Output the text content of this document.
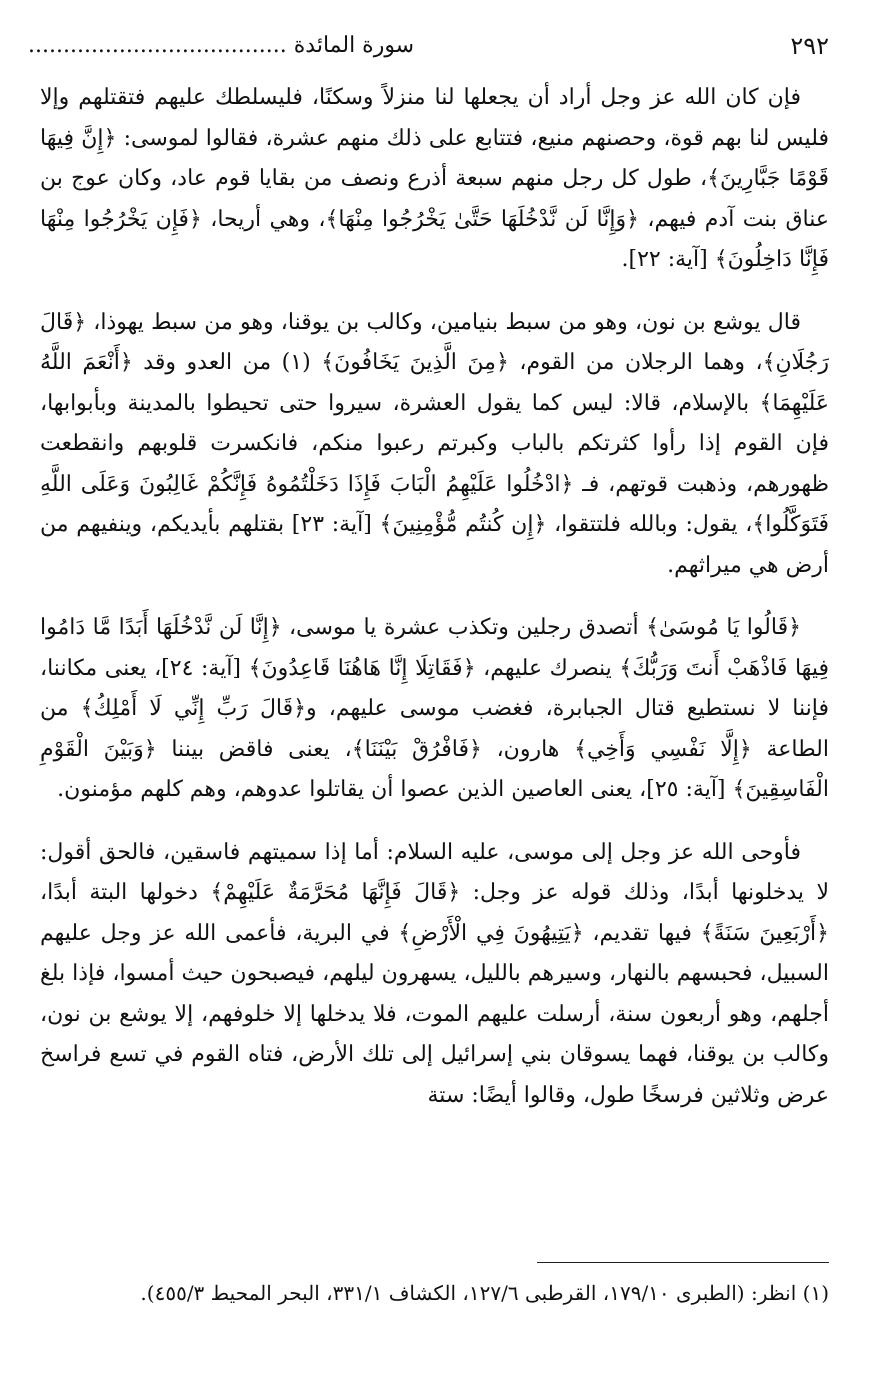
٢٩٢
سورة المائدة .....................................

فإن كان الله عز وجل أراد أن يجعلها لنا منزلاً وسكنًا، فليسلطك عليهم فتقتلهم وإلا فليس لنا بهم قوة، وحصنهم منيع، فتتابع على ذلك منهم عشرة، فقالوا لموسى: ﴿إِنَّ فِيهَا قَوْمًا جَبَّارِينَ﴾، طول كل رجل منهم سبعة أذرع ونصف من بقايا قوم عاد، وكان عوج بن عناق بنت آدم فيهم، ﴿وَإِنَّا لَن نَّدْخُلَهَا حَتَّىٰ يَخْرُجُوا مِنْهَا﴾، وهي أريحا، ﴿فَإِن يَخْرُجُوا مِنْهَا فَإِنَّا دَاخِلُونَ﴾ [آية: ٢٢].

قال يوشع بن نون، وهو من سبط بنيامين، وكالب بن يوقنا، وهو من سبط يهوذا، ﴿قَالَ رَجُلَانِ﴾، وهما الرجلان من القوم، ﴿مِنَ الَّذِينَ يَخَافُونَ﴾ (١) من العدو وقد ﴿أَنْعَمَ اللَّهُ عَلَيْهِمَا﴾ بالإسلام، قالا: ليس كما يقول العشرة، سيروا حتى تحيطوا بالمدينة وبأبوابها، فإن القوم إذا رأوا كثرتكم بالباب وكبرتم رعبوا منكم، فانكسرت قلوبهم وانقطعت ظهورهم، وذهبت قوتهم، فـ ﴿ادْخُلُوا عَلَيْهِمُ الْبَابَ فَإِذَا دَخَلْتُمُوهُ فَإِنَّكُمْ غَالِبُونَ وَعَلَى اللَّهِ فَتَوَكَّلُوا﴾، يقول: وبالله فلتتقوا، ﴿إِن كُنتُم مُّؤْمِنِينَ﴾ [آية: ٢٣] بقتلهم بأيديكم، وينفيهم من أرض هي ميراثهم.

﴿قَالُوا يَا مُوسَىٰ﴾ أتصدق رجلين وتكذب عشرة يا موسى، ﴿إِنَّا لَن نَّدْخُلَهَا أَبَدًا مَّا دَامُوا فِيهَا فَاذْهَبْ أَنتَ وَرَبُّكَ﴾ ينصرك عليهم، ﴿فَقَاتِلَا إِنَّا هَاهُنَا قَاعِدُونَ﴾ [آية: ٢٤]، يعنى مكاننا، فإننا لا نستطيع قتال الجبابرة، فغضب موسى عليهم، و﴿قَالَ رَبِّ إِنِّي لَا أَمْلِكُ﴾ من الطاعة ﴿إِلَّا نَفْسِي وَأَخِي﴾ هارون، ﴿فَافْرُقْ بَيْنَنَا﴾، يعنى فاقض بيننا ﴿وَبَيْنَ الْقَوْمِ الْفَاسِقِينَ﴾ [آية: ٢٥]، يعنى العاصين الذين عصوا أن يقاتلوا عدوهم، وهم كلهم مؤمنون.

فأوحى الله عز وجل إلى موسى، عليه السلام: أما إذا سميتهم فاسقين، فالحق أقول: لا يدخلونها أبدًا، وذلك قوله عز وجل: ﴿قَالَ فَإِنَّهَا مُحَرَّمَةٌ عَلَيْهِمْ﴾ دخولها البتة أبدًا، ﴿أَرْبَعِينَ سَنَةً﴾ فيها تقديم، ﴿يَتِيهُونَ فِي الْأَرْضِ﴾ في البرية، فأعمى الله عز وجل عليهم السبيل، فحبسهم بالنهار، وسيرهم بالليل، يسهرون ليلهم، فيصبحون حيث أمسوا، فإذا بلغ أجلهم، وهو أربعون سنة، أرسلت عليهم الموت، فلا يدخلها إلا خلوفهم، إلا يوشع بن نون، وكالب بن يوقنا، فهما يسوقان بني إسرائيل إلى تلك الأرض، فتاه القوم في تسع فراسخ عرض وثلاثين فرسخًا طول، وقالوا أيضًا: ستة

(١) انظر: (الطبرى ١٧٩/١٠، القرطبى ١٢٧/٦، الكشاف ٣٣١/١، البحر المحيط ٤٥٥/٣).
